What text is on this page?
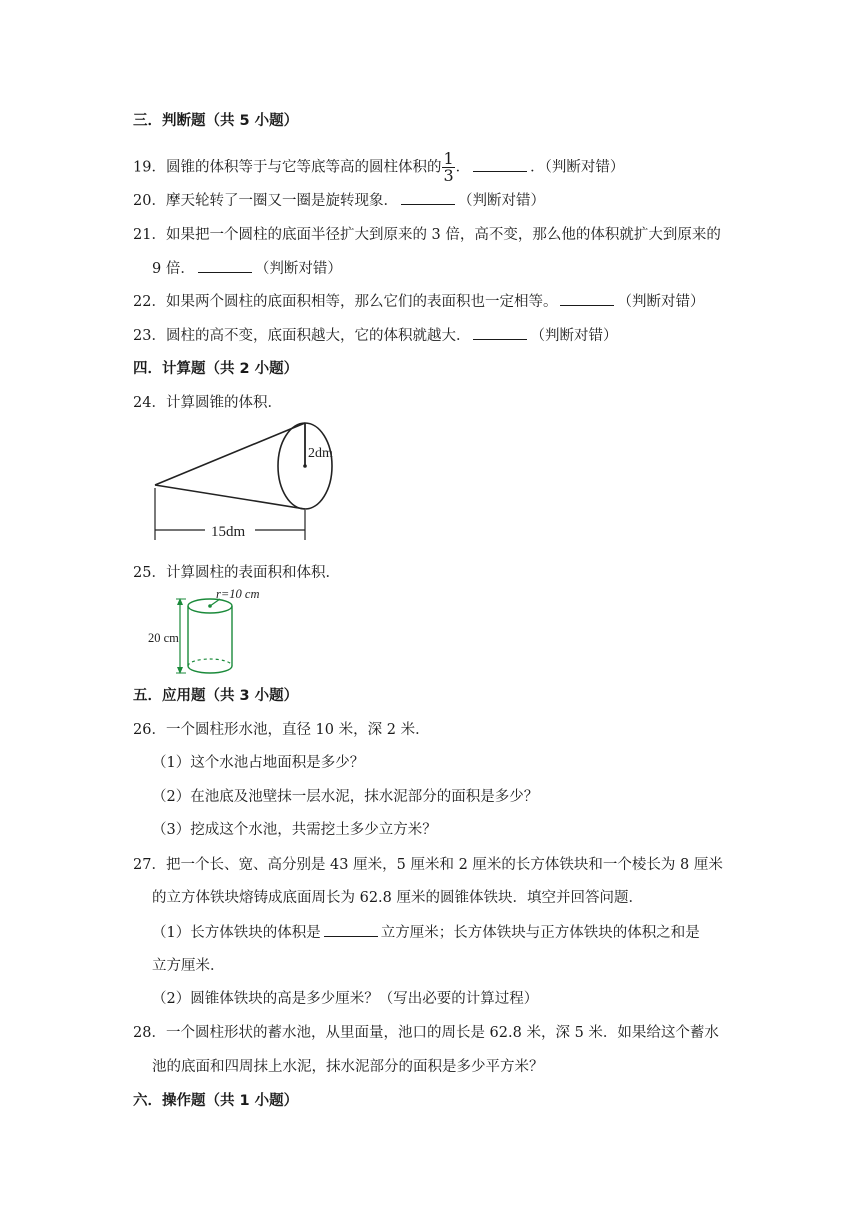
三．判断题（共 5 小题）
19．圆锥的体积等于与它等底等高的圆柱体积的 $\frac{1}{3}$ ．	．（判断对错）
20．摩天轮转了一圈又一圈是旋转现象．	（判断对错）
21．如果把一个圆柱的底面半径扩大到原来的 3 倍，高不变，那么他的体积就扩大到原来的
9 倍．	（判断对错）
22．如果两个圆柱的底面积相等，那么它们的表面积也一定相等。	（判断对错）
23．圆柱的高不变，底面积越大，它的体积就越大．	（判断对错）
四．计算题（共 2 小题）
24．计算圆锥的体积．
2dm
15dm
25．计算圆柱的表面积和体积．
r=10 cm
20 cm
五．应用题（共 3 小题）
26．一个圆柱形水池，直径 10 米，深 2 米．
（1）这个水池占地面积是多少？
（2）在池底及池壁抹一层水泥，抹水泥部分的面积是多少？
（3）挖成这个水池，共需挖土多少立方米？
27．把一个长、宽、高分别是 43 厘米，5 厘米和 2 厘米的长方体铁块和一个棱长为 8 厘米
的立方体铁块熔铸成底面周长为 62.8 厘米的圆锥体铁块．填空并回答问题．
（1）长方体铁块的体积是	立方厘米；长方体铁块与正方体铁块的体积之和是
立方厘米．
（2）圆锥体铁块的高是多少厘米？（写出必要的计算过程）
28．一个圆柱形状的蓄水池，从里面量，池口的周长是 62.8 米，深 5 米．如果给这个蓄水
池的底面和四周抹上水泥，抹水泥部分的面积是多少平方米？
六．操作题（共 1 小题）
